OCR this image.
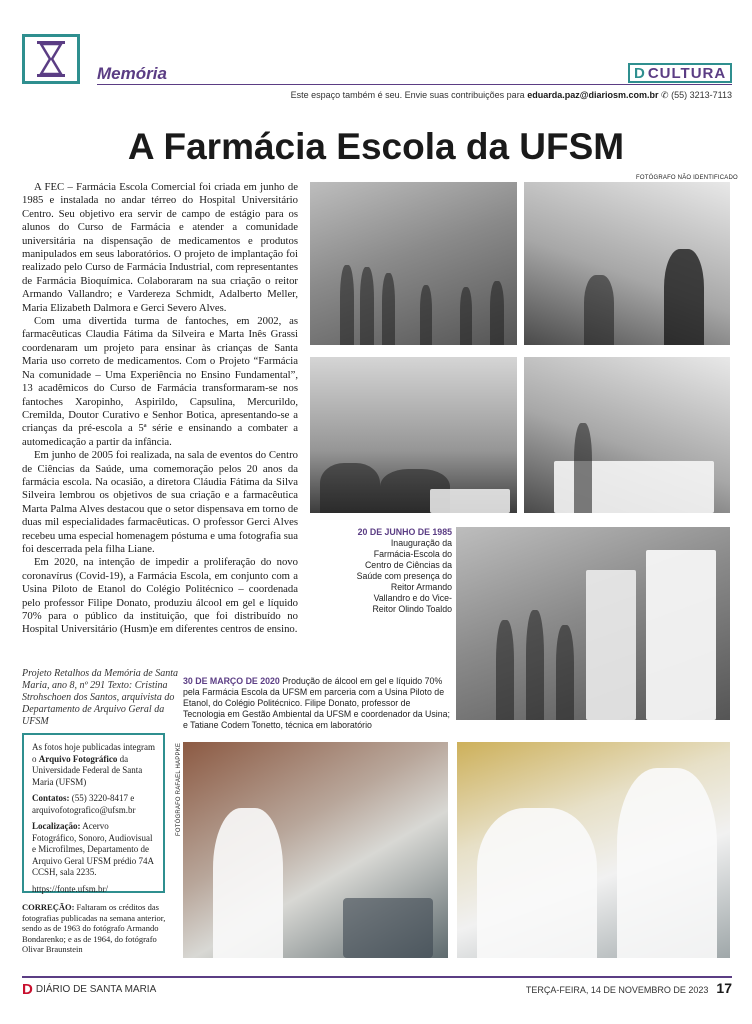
Memória	D CULTURA
Este espaço também é seu. Envie suas contribuições para eduarda.paz@diariosm.com.br ✆ (55) 3213-7113
A Farmácia Escola da UFSM

A FEC – Farmácia Escola Comercial foi criada em junho de 1985 e instalada no andar térreo do Hospital Universitário Centro. Seu objetivo era servir de campo de estágio para os alunos do Curso de Farmácia e atender a comunidade universitária na dispensação de medicamentos e produtos manipulados em seus laboratórios. O projeto de implantação foi realizado pelo Curso de Farmácia Industrial, com representantes de Farmácia Bioquímica. Colaboraram na sua criação o reitor Armando Vallandro; e Vardereza Schmidt, Adalberto Meller, Maria Elizabeth Dalmora e Gerci Severo Alves.

Com uma divertida turma de fantoches, em 2002, as farmacêuticas Claudia Fátima da Silveira e Marta Inês Grassi coordenaram um projeto para ensinar às crianças de Santa Maria uso correto de medicamentos. Com o Projeto “Farmácia Na comunidade – Uma Experiência no Ensino Fundamental”, 13 acadêmicos do Curso de Farmácia transformaram-se nos fantoches Xaropinho, Aspirildo, Capsulina, Mercurildo, Cremilda, Doutor Curativo e Senhor Botica, apresentando-se a crianças da pré-escola a 5ª série e ensinando a combater a automedicação a partir da infância.

Em junho de 2005 foi realizada, na sala de eventos do Centro de Ciências da Saúde, uma comemoração pelos 20 anos da farmácia escola. Na ocasião, a diretora Cláudia Fátima da Silva Silveira lembrou os objetivos de sua criação e a farmacêutica Marta Palma Alves destacou que o setor dispensava em torno de duas mil especialidades farmacêuticas. O professor Gerci Alves recebeu uma especial homenagem póstuma e uma fotografia sua foi descerrada pela filha Liane.

Em 2020, na intenção de impedir a proliferação do novo coronavírus (Covid-19), a Farmácia Escola, em conjunto com a Usina Piloto de Etanol do Colégio Politécnico – coordenada pelo professor Filipe Donato, produziu álcool em gel e líquido 70% para o público da instituição, que foi distribuído no Hospital Universitário (Husm)e em diferentes centros de ensino.

Projeto Retalhos da Memória de Santa Maria, ano 8, nº 291 Texto: Cristina Strohschoen dos Santos, arquivista do Departamento de Arquivo Geral da UFSM
FOTÓGRAFO NÃO IDENTIFICADO
20 DE JUNHO DE 1985
Inauguração da Farmácia-Escola do Centro de Ciências da Saúde com presença do Reitor Armando Vallandro e do Vice-Reitor Olindo Toaldo
30 DE MARÇO DE 2020 Produção de álcool em gel e líquido 70% pela Farmácia Escola da UFSM em parceria com a Usina Piloto de Etanol, do Colégio Politécnico. Filipe Donato, professor de Tecnologia em Gestão Ambiental da UFSM e coordenador da Usina; e Tatiane Codem Tonetto, técnica em laboratório
FOTÓGRAFO RAFAEL HAPPKE

As fotos hoje publicadas integram o Arquivo Fotográfico da Universidade Federal de Santa Maria (UFSM)

Contatos: (55) 3220-8417 e arquivofotografico@ufsm.br

Localização: Acervo Fotográfico, Sonoro, Audiovisual e Microfilmes, Departamento de Arquivo Geral UFSM prédio 74A CCSH, sala 2235.

https://fonte.ufsm.br/

CORREÇÃO: Faltaram os créditos das fotografias publicadas na semana anterior, sendo as de 1963 do fotógrafo Armando Bondarenko; e as de 1964, do fotógrafo Olivar Braunstein
D DIÁRIO DE SANTA MARIA	TERÇA-FEIRA, 14 DE NOVEMBRO DE 2023 17
